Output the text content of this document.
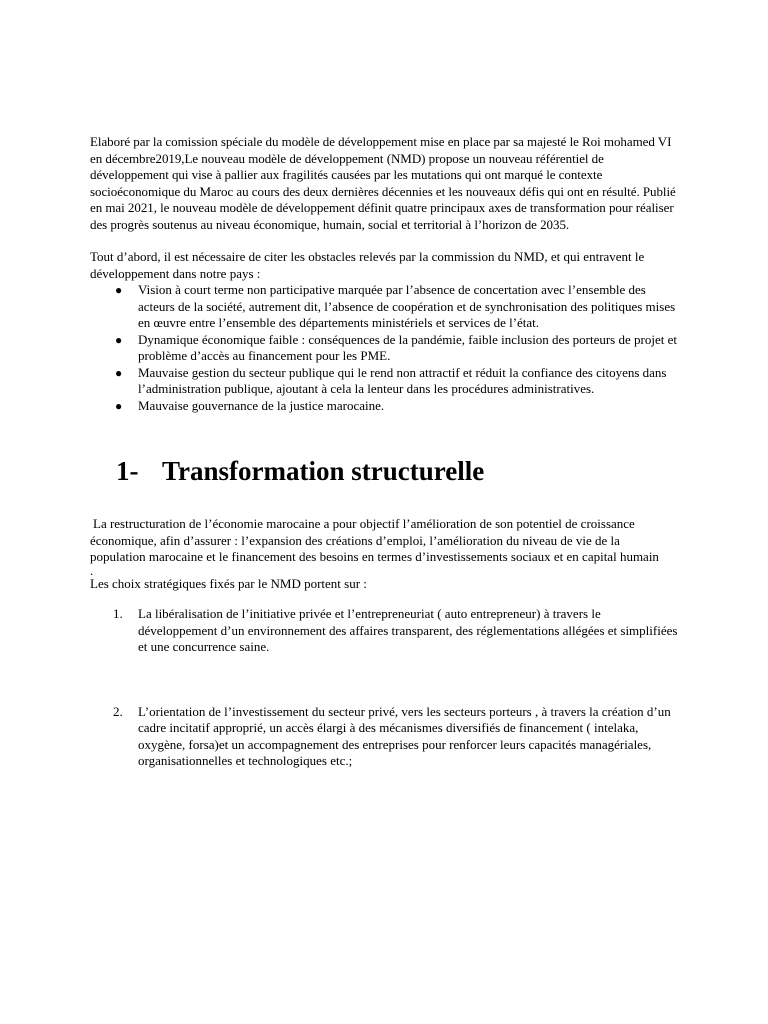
Elaboré par la comission spéciale du modèle de développement mise en place par sa majesté le Roi mohamed VI en décembre2019,Le nouveau modèle de développement (NMD) propose un nouveau référentiel de développement qui vise à pallier aux fragilités causées par les mutations qui ont marqué le contexte socioéconomique du Maroc au cours des deux dernières décennies et les nouveaux défis qui ont en résulté. Publié en mai 2021, le nouveau modèle de développement définit quatre principaux axes de transformation pour réaliser des progrès soutenus au niveau économique, humain, social et territorial à l’horizon de 2035.

Tout d’abord, il est nécessaire de citer les obstacles relevés par la commission du NMD, et qui entravent le développement dans notre pays :

● Vision à court terme non participative marquée par l’absence de concertation avec l’ensemble des acteurs de la société, autrement dit, l’absence de coopération et de synchronisation des politiques mises en œuvre entre l’ensemble des départements ministériels et services de l’état.
● Dynamique économique faible : conséquences de la pandémie, faible inclusion des porteurs de projet et problème d’accès au financement pour les PME.
● Mauvaise gestion du secteur publique qui le rend non attractif et réduit la confiance des citoyens dans l’administration publique, ajoutant à cela la lenteur dans les procédures administratives.
● Mauvaise gouvernance de la justice marocaine.
1- Transformation structurelle

La restructuration de l’économie marocaine a pour objectif l’amélioration de son potentiel de croissance économique, afin d’assurer : l’expansion des créations d’emploi, l’amélioration du niveau de vie de la population marocaine et le financement des besoins en termes d’investissements sociaux et en capital humain

.

Les choix stratégiques fixés par le NMD portent sur :

1. La libéralisation de l’initiative privée et l’entrepreneuriat ( auto entrepreneur) à travers le développement d’un environnement des affaires transparent, des réglementations allégées et simplifiées et une concurrence saine.
2. L’orientation de l’investissement du secteur privé, vers les secteurs porteurs , à travers la création d’un cadre incitatif approprié, un accès élargi à des mécanismes diversifiés de financement ( intelaka, oxygène, forsa)et un accompagnement des entreprises pour renforcer leurs capacités managériales, organisationnelles et technologiques etc.;
